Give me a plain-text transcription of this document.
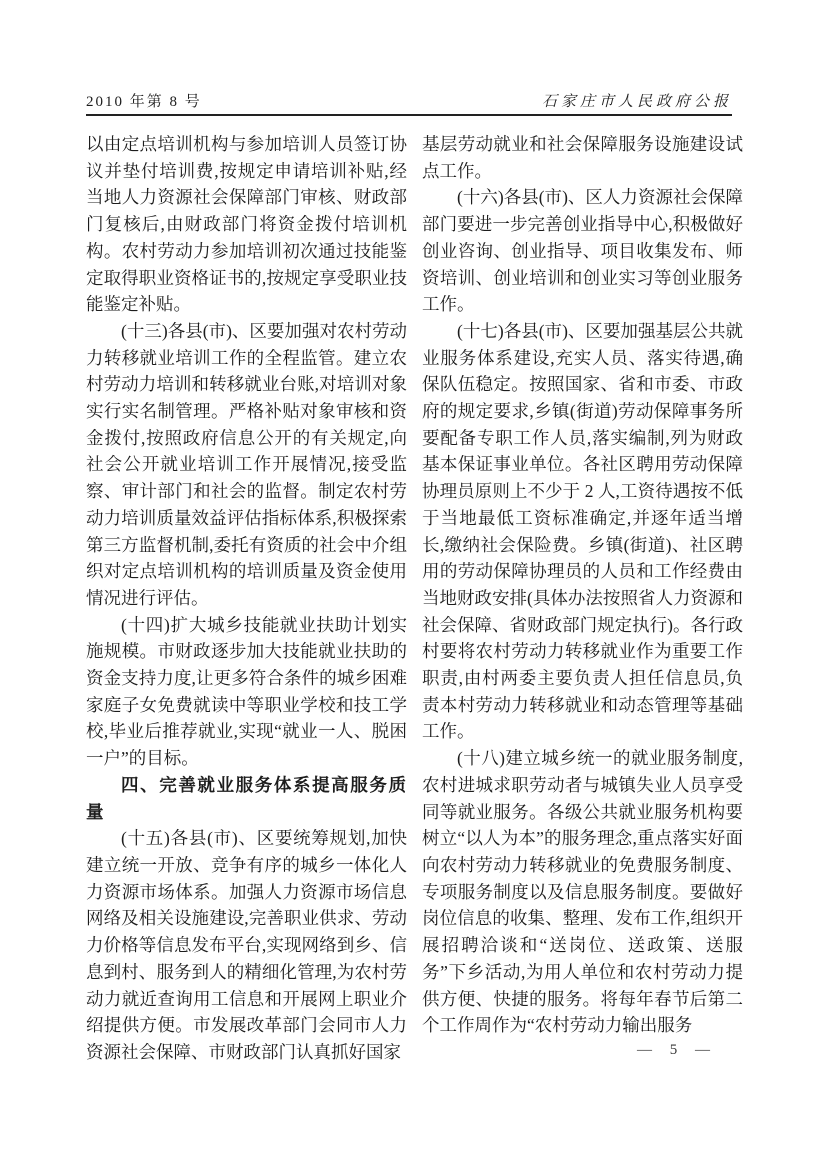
2010 年第 8 号	石家庄市人民政府公报

以由定点培训机构与参加培训人员签订协议并垫付培训费,按规定申请培训补贴,经当地人力资源社会保障部门审核、财政部门复核后,由财政部门将资金拨付培训机构。农村劳动力参加培训初次通过技能鉴定取得职业资格证书的,按规定享受职业技能鉴定补贴。

(十三)各县(市)、区要加强对农村劳动力转移就业培训工作的全程监管。建立农村劳动力培训和转移就业台账,对培训对象实行实名制管理。严格补贴对象审核和资金拨付,按照政府信息公开的有关规定,向社会公开就业培训工作开展情况,接受监察、审计部门和社会的监督。制定农村劳动力培训质量效益评估指标体系,积极探索第三方监督机制,委托有资质的社会中介组织对定点培训机构的培训质量及资金使用情况进行评估。

(十四)扩大城乡技能就业扶助计划实施规模。市财政逐步加大技能就业扶助的资金支持力度,让更多符合条件的城乡困难家庭子女免费就读中等职业学校和技工学校,毕业后推荐就业,实现“就业一人、脱困一户”的目标。

四、完善就业服务体系提高服务质量

(十五)各县(市)、区要统筹规划,加快建立统一开放、竞争有序的城乡一体化人力资源市场体系。加强人力资源市场信息网络及相关设施建设,完善职业供求、劳动力价格等信息发布平台,实现网络到乡、信息到村、服务到人的精细化管理,为农村劳动力就近查询用工信息和开展网上职业介绍提供方便。市发展改革部门会同市人力资源社会保障、市财政部门认真抓好国家

基层劳动就业和社会保障服务设施建设试点工作。

(十六)各县(市)、区人力资源社会保障部门要进一步完善创业指导中心,积极做好创业咨询、创业指导、项目收集发布、师资培训、创业培训和创业实习等创业服务工作。

(十七)各县(市)、区要加强基层公共就业服务体系建设,充实人员、落实待遇,确保队伍稳定。按照国家、省和市委、市政府的规定要求,乡镇(街道)劳动保障事务所要配备专职工作人员,落实编制,列为财政基本保证事业单位。各社区聘用劳动保障协理员原则上不少于 2 人,工资待遇按不低于当地最低工资标准确定,并逐年适当增长,缴纳社会保险费。乡镇(街道)、社区聘用的劳动保障协理员的人员和工作经费由当地财政安排(具体办法按照省人力资源和社会保障、省财政部门规定执行)。各行政村要将农村劳动力转移就业作为重要工作职责,由村两委主要负责人担任信息员,负责本村劳动力转移就业和动态管理等基础工作。

(十八)建立城乡统一的就业服务制度,农村进城求职劳动者与城镇失业人员享受同等就业服务。各级公共就业服务机构要树立“以人为本”的服务理念,重点落实好面向农村劳动力转移就业的免费服务制度、专项服务制度以及信息服务制度。要做好岗位信息的收集、整理、发布工作,组织开展招聘洽谈和“送岗位、送政策、送服务”下乡活动,为用人单位和农村劳动力提供方便、快捷的服务。将每年春节后第二个工作周作为“农村劳动力输出服务

— 5 —
